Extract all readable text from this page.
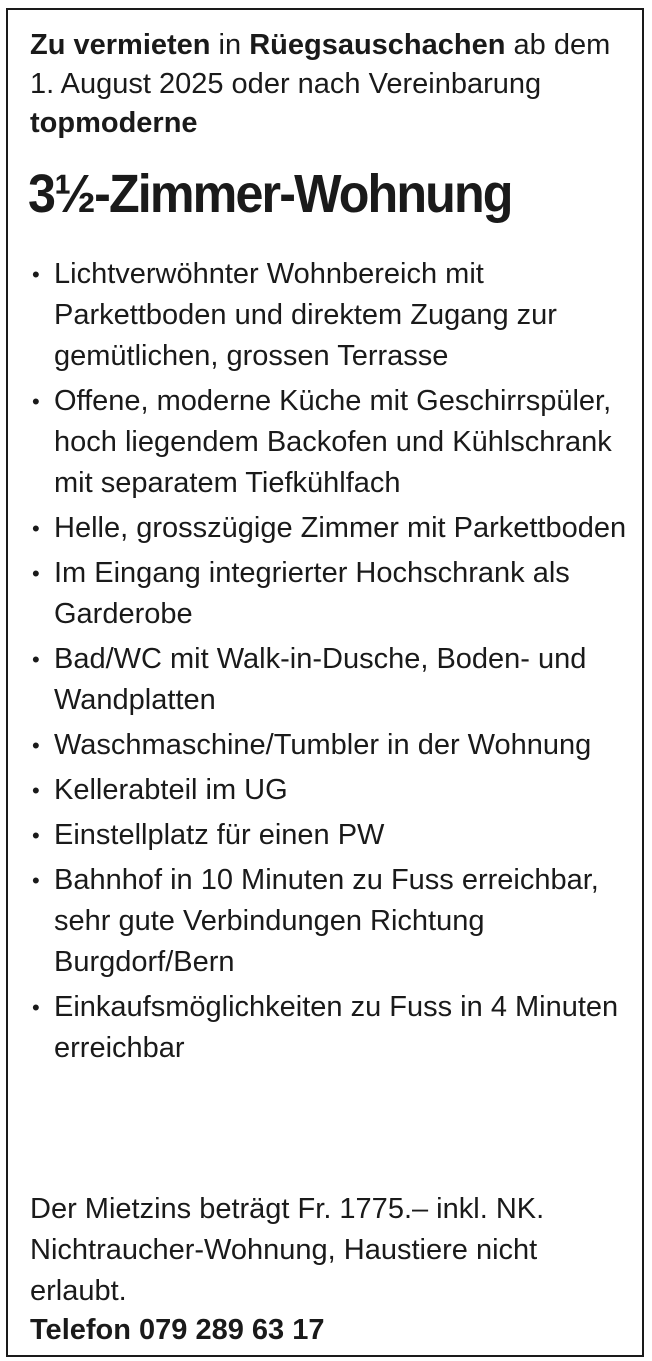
Zu vermieten in Rüegsauschachen ab dem 1. August 2025 oder nach Vereinbarung topmoderne
3½-Zimmer-Wohnung
• Lichtverwöhnter Wohnbereich mit Parkettboden und direktem Zugang zur gemütlichen, grossen Terrasse
• Offene, moderne Küche mit Geschirrspüler, hoch liegendem Backofen und Kühlschrank mit separatem Tiefkühlfach
• Helle, grosszügige Zimmer mit Parkettboden
• Im Eingang integrierter Hochschrank als Garderobe
• Bad/WC mit Walk-in-Dusche, Boden- und Wandplatten
• Waschmaschine/Tumbler in der Wohnung
• Kellerabteil im UG
• Einstellplatz für einen PW
• Bahnhof in 10 Minuten zu Fuss erreichbar, sehr gute Verbindungen Richtung Burgdorf/Bern
• Einkaufsmöglichkeiten zu Fuss in 4 Minuten erreichbar
Der Mietzins beträgt Fr. 1775.– inkl. NK. Nichtraucher-Wohnung, Haustiere nicht erlaubt.
Telefon 079 289 63 17
